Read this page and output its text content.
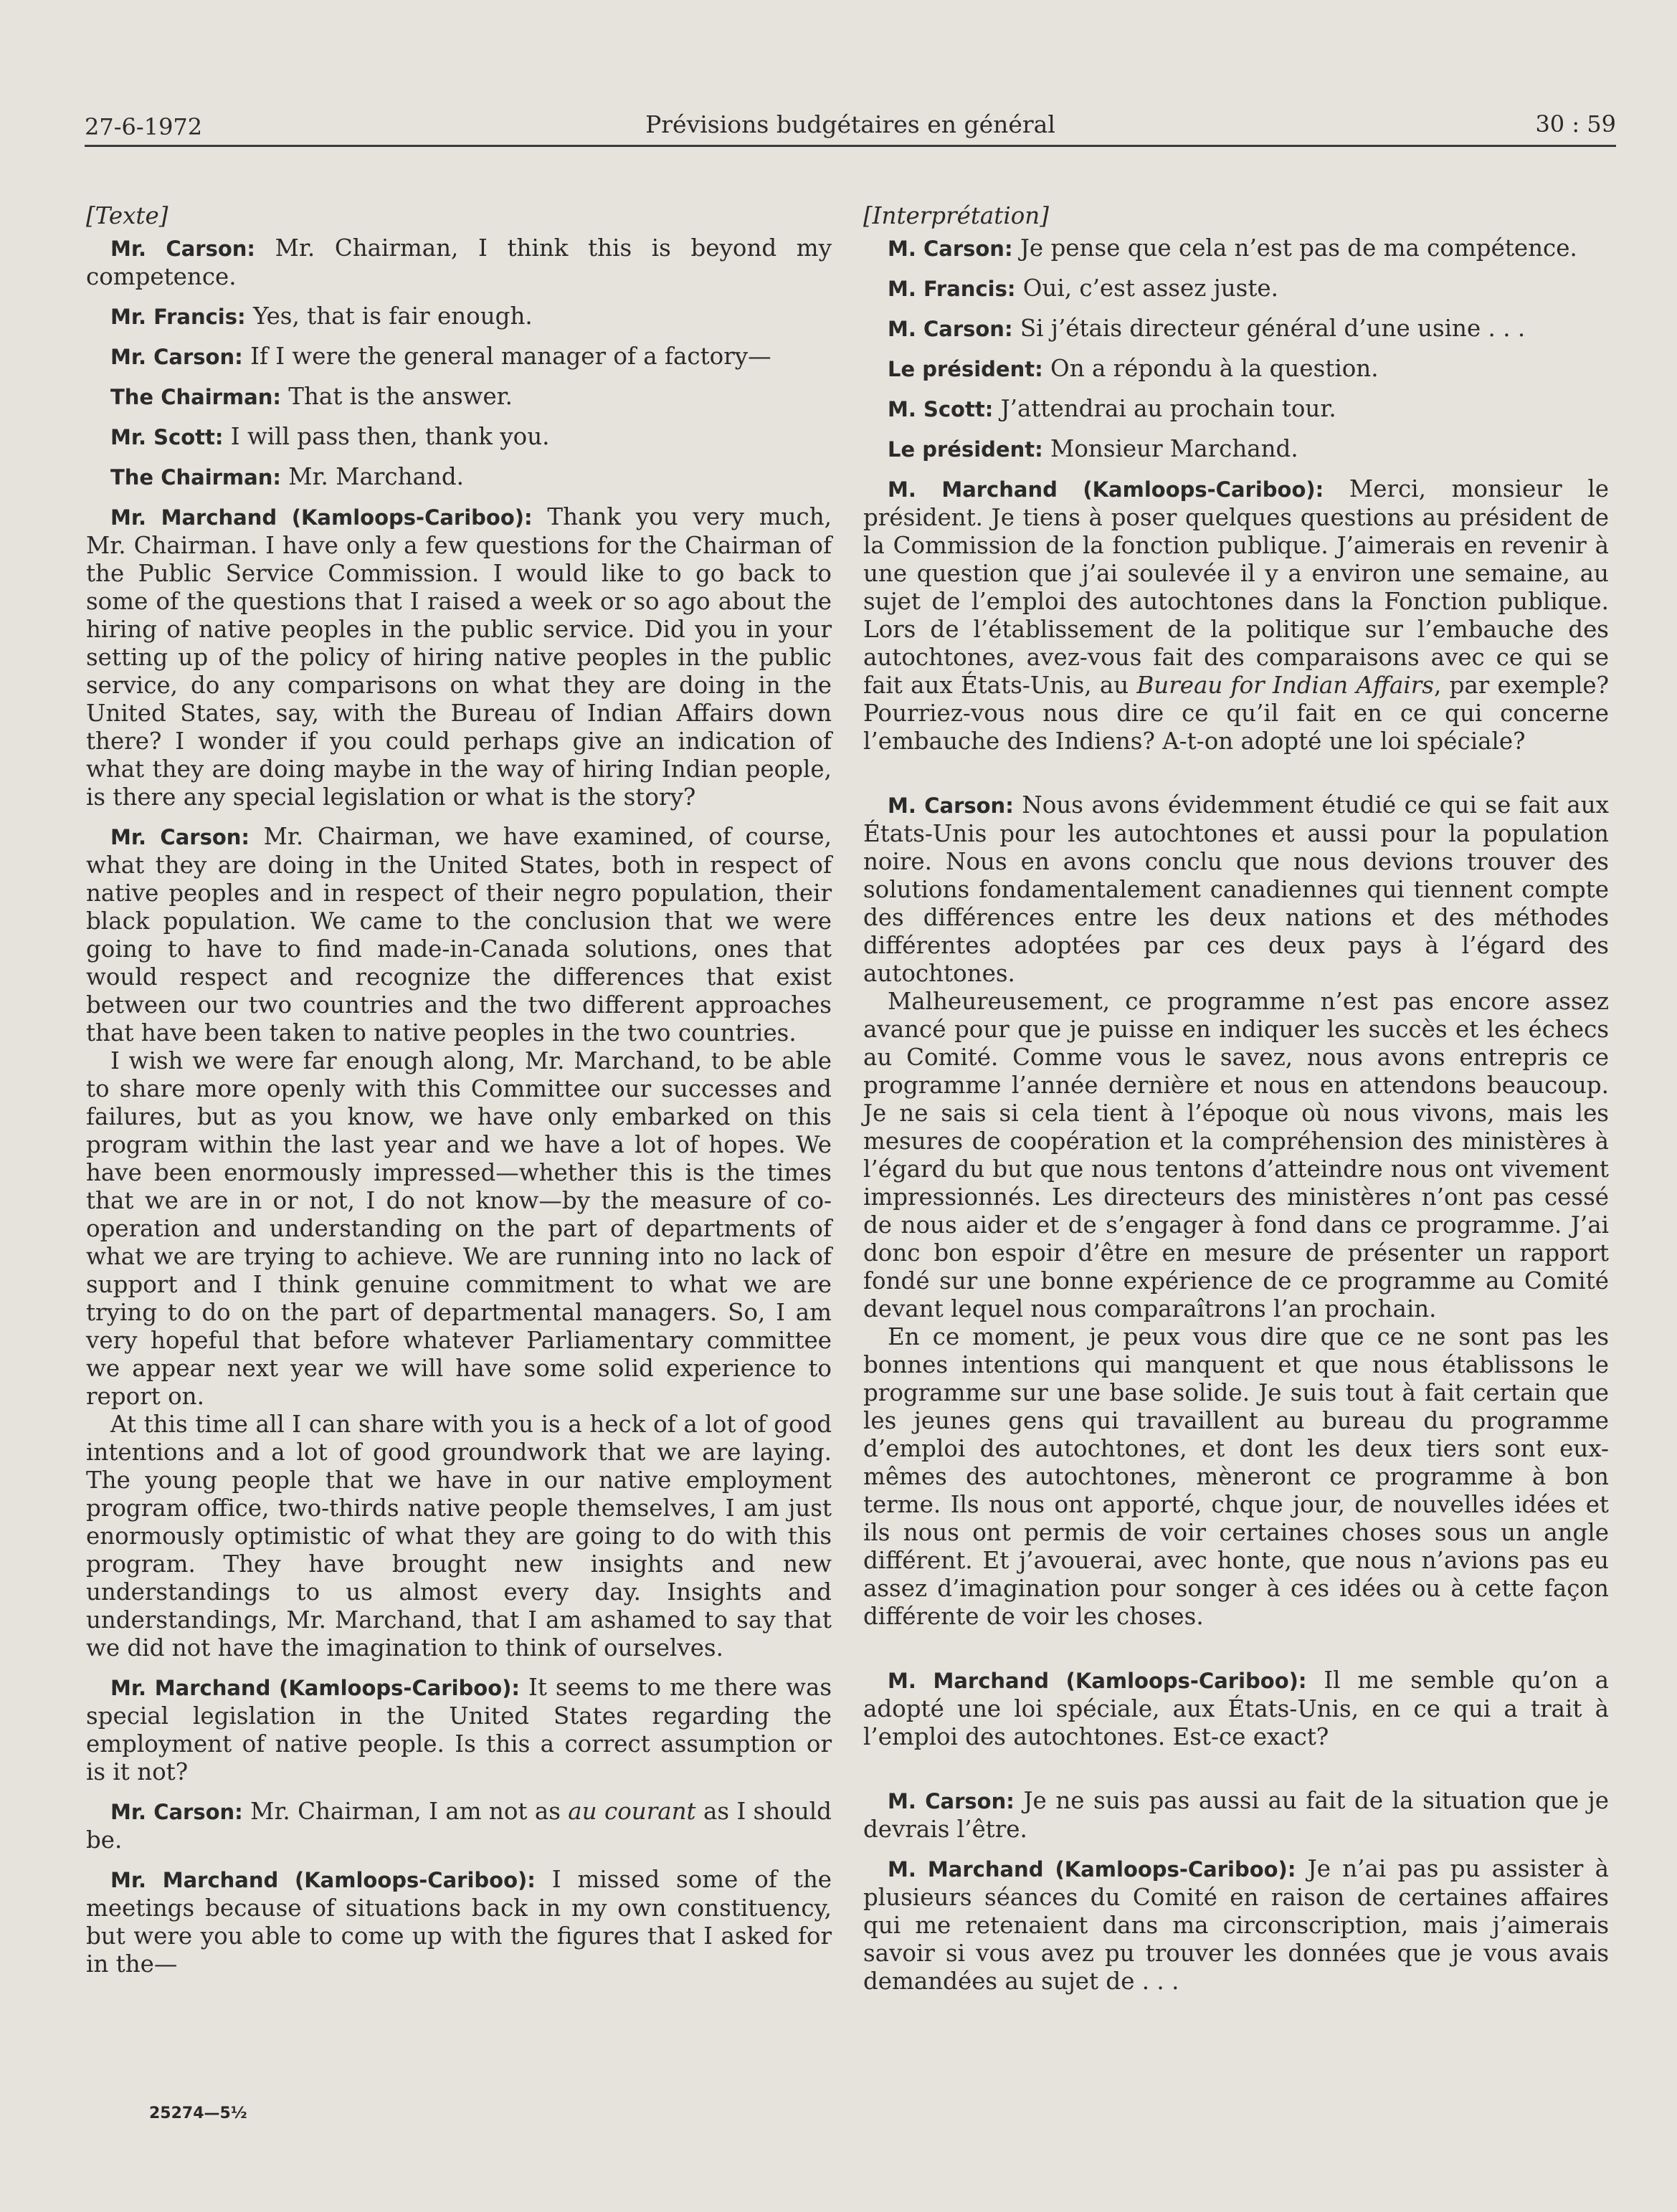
27-6-1972	Prévisions budgétaires en général	30 : 59
[Texte]

Mr. Carson: Mr. Chairman, I think this is beyond my competence.

Mr. Francis: Yes, that is fair enough.

Mr. Carson: If I were the general manager of a factory—

The Chairman: That is the answer.

Mr. Scott: I will pass then, thank you.

The Chairman: Mr. Marchand.

Mr. Marchand (Kamloops-Cariboo): Thank you very much, Mr. Chairman. I have only a few questions for the Chairman of the Public Service Commission. I would like to go back to some of the questions that I raised a week or so ago about the hiring of native peoples in the public service. Did you in your setting up of the policy of hiring native peoples in the public service, do any comparisons on what they are doing in the United States, say, with the Bureau of Indian Affairs down there? I wonder if you could perhaps give an indication of what they are doing maybe in the way of hiring Indian people, is there any special legislation or what is the story?

Mr. Carson: Mr. Chairman, we have examined, of course, what they are doing in the United States, both in respect of native peoples and in respect of their negro population, their black population. We came to the conclusion that we were going to have to find made-in-Canada solutions, ones that would respect and recognize the differences that exist between our two countries and the two different approaches that have been taken to native peoples in the two countries.

I wish we were far enough along, Mr. Marchand, to be able to share more openly with this Committee our successes and failures, but as you know, we have only embarked on this program within the last year and we have a lot of hopes. We have been enormously impressed—whether this is the times that we are in or not, I do not know—by the measure of co-operation and understanding on the part of departments of what we are trying to achieve. We are running into no lack of support and I think genuine commitment to what we are trying to do on the part of departmental managers. So, I am very hopeful that before whatever Parliamentary committee we appear next year we will have some solid experience to report on.

At this time all I can share with you is a heck of a lot of good intentions and a lot of good groundwork that we are laying. The young people that we have in our native employment program office, two-thirds native people themselves, I am just enormously optimistic of what they are going to do with this program. They have brought new insights and new understandings to us almost every day. Insights and understandings, Mr. Marchand, that I am ashamed to say that we did not have the imagination to think of ourselves.

Mr. Marchand (Kamloops-Cariboo): It seems to me there was special legislation in the United States regarding the employment of native people. Is this a correct assumption or is it not?

Mr. Carson: Mr. Chairman, I am not as au courant as I should be.

Mr. Marchand (Kamloops-Cariboo): I missed some of the meetings because of situations back in my own constituency, but were you able to come up with the figures that I asked for in the—

[Interprétation]

M. Carson: Je pense que cela n’est pas de ma compétence.

M. Francis: Oui, c’est assez juste.

M. Carson: Si j’étais directeur général d’une usine . . .

Le président: On a répondu à la question.

M. Scott: J’attendrai au prochain tour.

Le président: Monsieur Marchand.

M. Marchand (Kamloops-Cariboo): Merci, monsieur le président. Je tiens à poser quelques questions au président de la Commission de la fonction publique. J’aimerais en revenir à une question que j’ai soulevée il y a environ une semaine, au sujet de l’emploi des autochtones dans la Fonction publique. Lors de l’établissement de la politique sur l’embauche des autochtones, avez-vous fait des comparaisons avec ce qui se fait aux États-Unis, au Bureau for Indian Affairs, par exemple? Pourriez-vous nous dire ce qu’il fait en ce qui concerne l’embauche des Indiens? A-t-on adopté une loi spéciale?

M. Carson: Nous avons évidemment étudié ce qui se fait aux États-Unis pour les autochtones et aussi pour la population noire. Nous en avons conclu que nous devions trouver des solutions fondamentalement canadiennes qui tiennent compte des différences entre les deux nations et des méthodes différentes adoptées par ces deux pays à l’égard des autochtones.

Malheureusement, ce programme n’est pas encore assez avancé pour que je puisse en indiquer les succès et les échecs au Comité. Comme vous le savez, nous avons entrepris ce programme l’année dernière et nous en attendons beaucoup. Je ne sais si cela tient à l’époque où nous vivons, mais les mesures de coopération et la compréhension des ministères à l’égard du but que nous tentons d’atteindre nous ont vivement impressionnés. Les directeurs des ministères n’ont pas cessé de nous aider et de s’engager à fond dans ce programme. J’ai donc bon espoir d’être en mesure de présenter un rapport fondé sur une bonne expérience de ce programme au Comité devant lequel nous comparaîtrons l’an prochain.

En ce moment, je peux vous dire que ce ne sont pas les bonnes intentions qui manquent et que nous établissons le programme sur une base solide. Je suis tout à fait certain que les jeunes gens qui travaillent au bureau du programme d’emploi des autochtones, et dont les deux tiers sont eux-mêmes des autochtones, mèneront ce programme à bon terme. Ils nous ont apporté, chque jour, de nouvelles idées et ils nous ont permis de voir certaines choses sous un angle différent. Et j’avouerai, avec honte, que nous n’avions pas eu assez d’imagination pour songer à ces idées ou à cette façon différente de voir les choses.

M. Marchand (Kamloops-Cariboo): Il me semble qu’on a adopté une loi spéciale, aux États-Unis, en ce qui a trait à l’emploi des autochtones. Est-ce exact?

M. Carson: Je ne suis pas aussi au fait de la situation que je devrais l’être.

M. Marchand (Kamloops-Cariboo): Je n’ai pas pu assister à plusieurs séances du Comité en raison de certaines affaires qui me retenaient dans ma circonscription, mais j’aimerais savoir si vous avez pu trouver les données que je vous avais demandées au sujet de . . .

25274—5½
